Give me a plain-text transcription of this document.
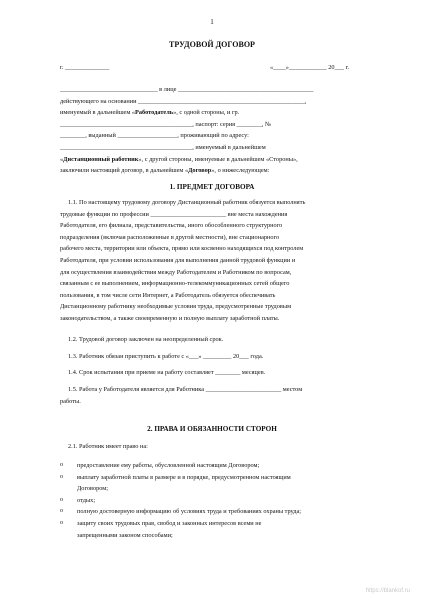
1
ТРУДОВОЙ ДОГОВОР
г. ______________	«____»____________ 20___ г.

_______________________________ в лице ___________________________________________

действующего на основании _____________________________________________________,

именуемый в дальнейшем «Работодатель», с одной стороны, и гр.

__________________________________________, паспорт: серия ________, №

________, выданный ___________________, проживающий по адресу:

__________________________________________, именуемый в дальнейшем

«Дистанционный работник», с другой стороны, именуемые в дальнейшем «Стороны»,

заключили настоящий договор, в дальнейшем «Договор», о нижеследующем:

1. ПРЕДМЕТ ДОГОВОРА

1.1. По настоящему трудовому договору Дистанционный работник обязуется выполнять

трудовые функции по профессии ________________________ вне места нахождения

Работодателя, его филиала, представительства, иного обособленного структурного

подразделения (включая расположенные в другой местности), вне стационарного

рабочего места, территории или объекта, прямо или косвенно находящихся под контролем

Работодателя, при условии использования для выполнения данной трудовой функции и

для осуществления взаимодействия между Работодателем и Работником по вопросам,

связанным с ее выполнением, информационно-телекоммуникационных сетей общего

пользования, в том числе сети Интернет, а Работодатель обязуется обеспечивать

Дистанционному работнику необходимые условия труда, предусмотренные трудовым

законодательством, а также своевременную и полную выплату заработной платы.

1.2. Трудовой договор заключен на неопределенный срок.
1.3. Работник обязан приступить к работе с «___» _________ 20___ года.
1.4. Срок испытания при приеме на работу составляет ________ месяцев.
1.5. Работа у Работодателя является для Работника ________________________ местом
работы.
2. ПРАВА И ОБЯЗАННОСТИ СТОРОН
2.1. Работник имеет право на:
o предоставление ему работы, обусловленной настоящим Договором;
o выплату заработной платы в размере и в порядке, предусмотренном настоящим
Договором;
o отдых;
o полную достоверную информацию об условиях труда и требованиях охраны труда;
o защиту своих трудовых прав, свобод и законных интересов всеми не
запрещенными законом способами;
https://blankof.ru
